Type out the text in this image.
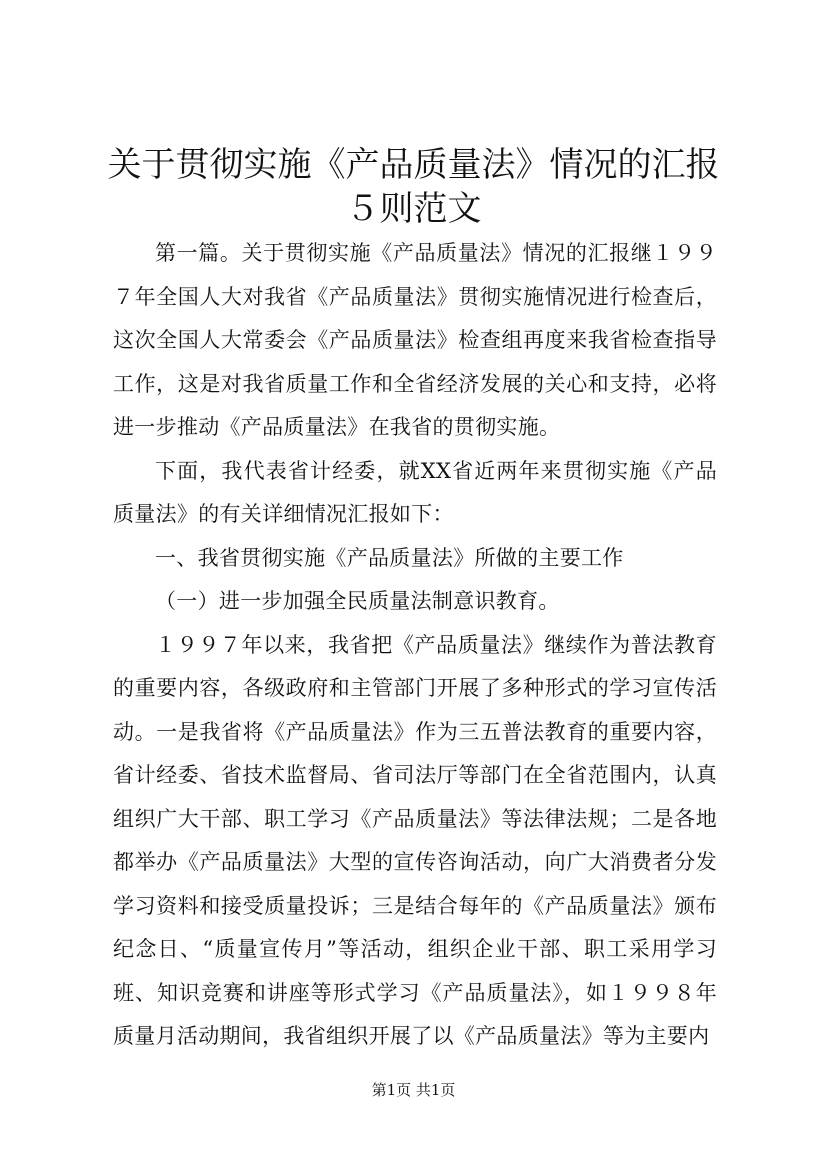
关于贯彻实施《产品质量法》情况的汇报５则范文

第一篇。关于贯彻实施《产品质量法》情况的汇报继１９９７年全国人大对我省《产品质量法》贯彻实施情况进行检查后，这次全国人大常委会《产品质量法》检查组再度来我省检查指导工作，这是对我省质量工作和全省经济发展的关心和支持，必将进一步推动《产品质量法》在我省的贯彻实施。

下面，我代表省计经委，就XX省近两年来贯彻实施《产品质量法》的有关详细情况汇报如下：

一、我省贯彻实施《产品质量法》所做的主要工作

（一）进一步加强全民质量法制意识教育。

１９９７年以来，我省把《产品质量法》继续作为普法教育的重要内容，各级政府和主管部门开展了多种形式的学习宣传活动。一是我省将《产品质量法》作为三五普法教育的重要内容，省计经委、省技术监督局、省司法厅等部门在全省范围内，认真组织广大干部、职工学习《产品质量法》等法律法规；二是各地都举办《产品质量法》大型的宣传咨询活动，向广大消费者分发学习资料和接受质量投诉；三是结合每年的《产品质量法》颁布纪念日、“质量宣传月”等活动，组织企业干部、职工采用学习班、知识竞赛和讲座等形式学习《产品质量法》，如１９９８年质量月活动期间，我省组织开展了以《产品质量法》等为主要内

第1页 共1页
